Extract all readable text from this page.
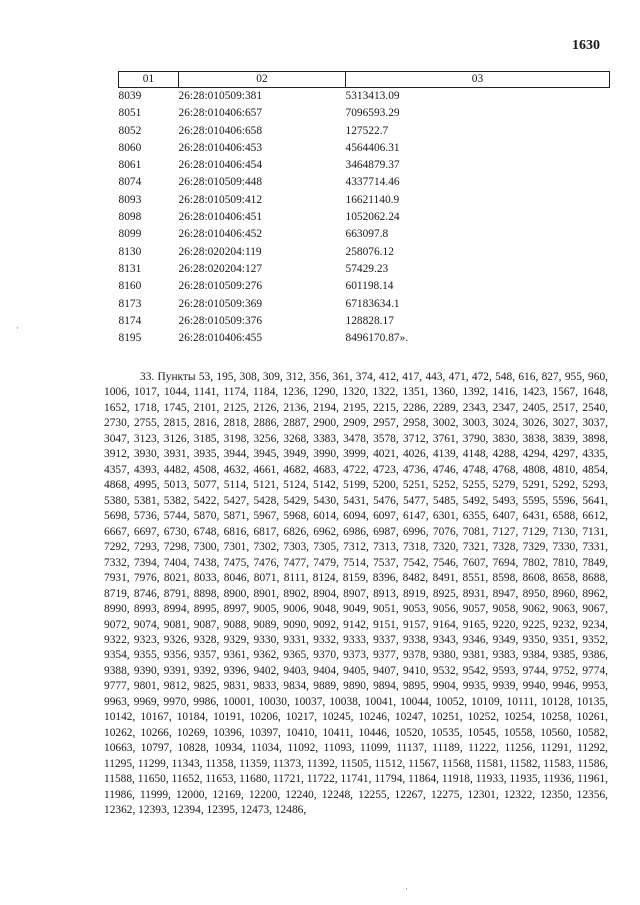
1630
01	02	03
8039	26:28:010509:381	5313413.09
8051	26:28:010406:657	7096593.29
8052	26:28:010406:658	127522.7
8060	26:28:010406:453	4564406.31
8061	26:28:010406:454	3464879.37
8074	26:28:010509:448	4337714.46
8093	26:28:010509:412	16621140.9
8098	26:28:010406:451	1052062.24
8099	26:28:010406:452	663097.8
8130	26:28:020204:119	258076.12
8131	26:28:020204:127	57429.23
8160	26:28:010509:276	601198.14
8173	26:28:010509:369	67183634.1
8174	26:28:010509:376	128828.17
8195	26:28:010406:455	8496170.87».
33. Пункты 53, 195, 308, 309, 312, 356, 361, 374, 412, 417, 443, 471, 472, 548, 616, 827, 955, 960, 1006, 1017, 1044, 1141, 1174, 1184, 1236, 1290, 1320, 1322, 1351, 1360, 1392, 1416, 1423, 1567, 1648, 1652, 1718, 1745, 2101, 2125, 2126, 2136, 2194, 2195, 2215, 2286, 2289, 2343, 2347, 2405, 2517, 2540, 2730, 2755, 2815, 2816, 2818, 2886, 2887, 2900, 2909, 2957, 2958, 3002, 3003, 3024, 3026, 3027, 3037, 3047, 3123, 3126, 3185, 3198, 3256, 3268, 3383, 3478, 3578, 3712, 3761, 3790, 3830, 3838, 3839, 3898, 3912, 3930, 3931, 3935, 3944, 3945, 3949, 3990, 3999, 4021, 4026, 4139, 4148, 4288, 4294, 4297, 4335, 4357, 4393, 4482, 4508, 4632, 4661, 4682, 4683, 4722, 4723, 4736, 4746, 4748, 4768, 4808, 4810, 4854, 4868, 4995, 5013, 5077, 5114, 5121, 5124, 5142, 5199, 5200, 5251, 5252, 5255, 5279, 5291, 5292, 5293, 5380, 5381, 5382, 5422, 5427, 5428, 5429, 5430, 5431, 5476, 5477, 5485, 5492, 5493, 5595, 5596, 5641, 5698, 5736, 5744, 5870, 5871, 5967, 5968, 6014, 6094, 6097, 6147, 6301, 6355, 6407, 6431, 6588, 6612, 6667, 6697, 6730, 6748, 6816, 6817, 6826, 6962, 6986, 6987, 6996, 7076, 7081, 7127, 7129, 7130, 7131, 7292, 7293, 7298, 7300, 7301, 7302, 7303, 7305, 7312, 7313, 7318, 7320, 7321, 7328, 7329, 7330, 7331, 7332, 7394, 7404, 7438, 7475, 7476, 7477, 7479, 7514, 7537, 7542, 7546, 7607, 7694, 7802, 7810, 7849, 7931, 7976, 8021, 8033, 8046, 8071, 8111, 8124, 8159, 8396, 8482, 8491, 8551, 8598, 8608, 8658, 8688, 8719, 8746, 8791, 8898, 8900, 8901, 8902, 8904, 8907, 8913, 8919, 8925, 8931, 8947, 8950, 8960, 8962, 8990, 8993, 8994, 8995, 8997, 9005, 9006, 9048, 9049, 9051, 9053, 9056, 9057, 9058, 9062, 9063, 9067, 9072, 9074, 9081, 9087, 9088, 9089, 9090, 9092, 9142, 9151, 9157, 9164, 9165, 9220, 9225, 9232, 9234, 9322, 9323, 9326, 9328, 9329, 9330, 9331, 9332, 9333, 9337, 9338, 9343, 9346, 9349, 9350, 9351, 9352, 9354, 9355, 9356, 9357, 9361, 9362, 9365, 9370, 9373, 9377, 9378, 9380, 9381, 9383, 9384, 9385, 9386, 9388, 9390, 9391, 9392, 9396, 9402, 9403, 9404, 9405, 9407, 9410, 9532, 9542, 9593, 9744, 9752, 9774, 9777, 9801, 9812, 9825, 9831, 9833, 9834, 9889, 9890, 9894, 9895, 9904, 9935, 9939, 9940, 9946, 9953, 9963, 9969, 9970, 9986, 10001, 10030, 10037, 10038, 10041, 10044, 10052, 10109, 10111, 10128, 10135, 10142, 10167, 10184, 10191, 10206, 10217, 10245, 10246, 10247, 10251, 10252, 10254, 10258, 10261, 10262, 10266, 10269, 10396, 10397, 10410, 10411, 10446, 10520, 10535, 10545, 10558, 10560, 10582, 10663, 10797, 10828, 10934, 11034, 11092, 11093, 11099, 11137, 11189, 11222, 11256, 11291, 11292, 11295, 11299, 11343, 11358, 11359, 11373, 11392, 11505, 11512, 11567, 11568, 11581, 11582, 11583, 11586, 11588, 11650, 11652, 11653, 11680, 11721, 11722, 11741, 11794, 11864, 11918, 11933, 11935, 11936, 11961, 11986, 11999, 12000, 12169, 12200, 12240, 12248, 12255, 12267, 12275, 12301, 12322, 12350, 12356, 12362, 12393, 12394, 12395, 12473, 12486,
·
·
